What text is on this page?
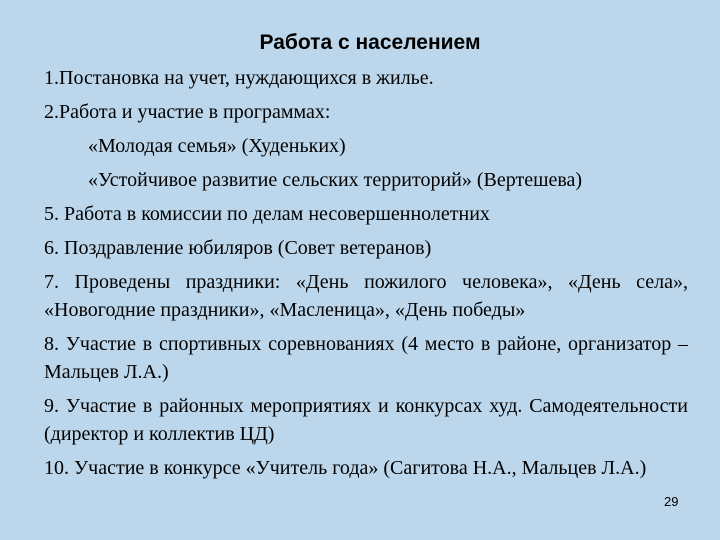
Работа с населением
1.Постановка на учет, нуждающихся в жилье.
2.Работа и участие в программах:
«Молодая семья» (Худеньких)
«Устойчивое развитие сельских территорий» (Вертешева)
5. Работа в комиссии по делам несовершеннолетних
6. Поздравление юбиляров (Совет ветеранов)
7. Проведены праздники: «День пожилого человека», «День села», «Новогодние праздники», «Масленица», «День победы»
8. Участие в спортивных соревнованиях (4 место в районе, организатор – Мальцев Л.А.)
9. Участие в районных мероприятиях и конкурсах худ. Самодеятельности (директор и коллектив ЦД)
10. Участие в конкурсе «Учитель года» (Сагитова Н.А., Мальцев Л.А.)
29
